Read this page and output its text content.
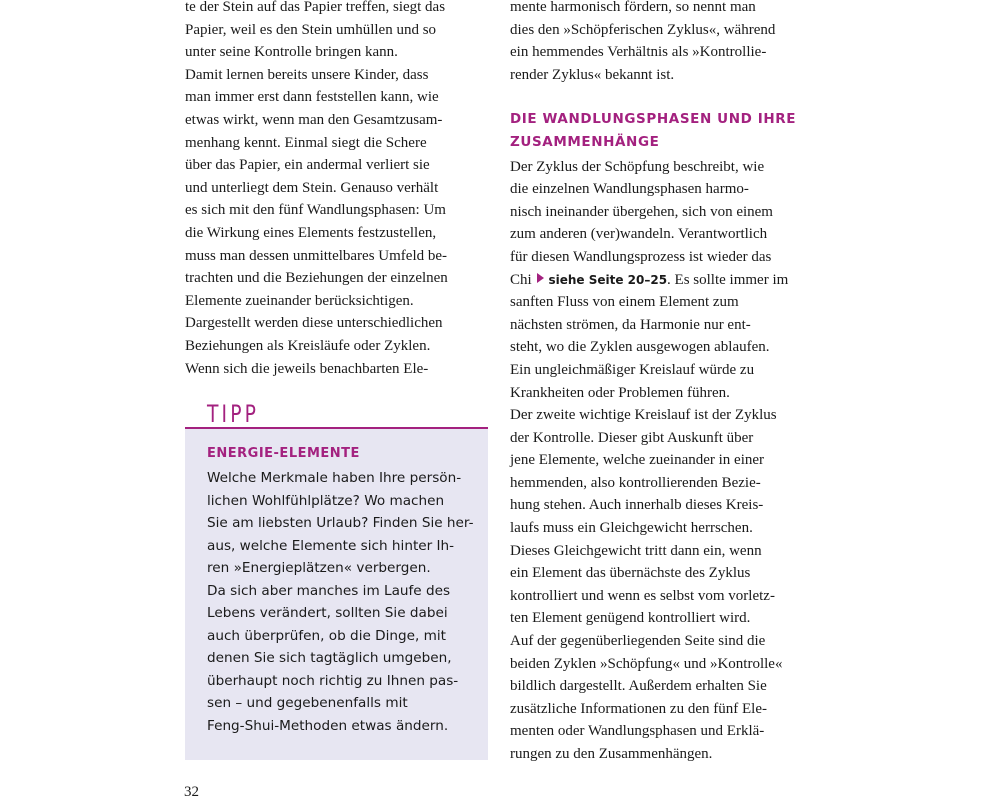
te der Stein auf das Papier treffen, siegt das
Papier, weil es den Stein umhüllen und so
unter seine Kontrolle bringen kann.
Damit lernen bereits unsere Kinder, dass
man immer erst dann feststellen kann, wie
etwas wirkt, wenn man den Gesamtzusam-
menhang kennt. Einmal siegt die Schere
über das Papier, ein andermal verliert sie
und unterliegt dem Stein. Genauso verhält
es sich mit den fünf Wandlungsphasen: Um
die Wirkung eines Elements festzustellen,
muss man dessen unmittelbares Umfeld be-
trachten und die Beziehungen der einzelnen
Elemente zueinander berücksichtigen.
Dargestellt werden diese unterschiedlichen
Beziehungen als Kreisläufe oder Zyklen.
Wenn sich die jeweils benachbarten Ele-
mente harmonisch fördern, so nennt man
dies den »Schöpferischen Zyklus«, während
ein hemmendes Verhältnis als »Kontrollie-
render Zyklus« bekannt ist.
DIE WANDLUNGSPHASEN UND IHRE
ZUSAMMENHÄNGE
Der Zyklus der Schöpfung beschreibt, wie
die einzelnen Wandlungsphasen harmo-
nisch ineinander übergehen, sich von einem
zum anderen (ver)wandeln. Verantwortlich
für diesen Wandlungsprozess ist wieder das
Chi siehe Seite 20–25. Es sollte immer im
sanften Fluss von einem Element zum
nächsten strömen, da Harmonie nur ent-
steht, wo die Zyklen ausgewogen ablaufen.
Ein ungleichmäßiger Kreislauf würde zu
Krankheiten oder Problemen führen.
Der zweite wichtige Kreislauf ist der Zyklus
der Kontrolle. Dieser gibt Auskunft über
jene Elemente, welche zueinander in einer
hemmenden, also kontrollierenden Bezie-
hung stehen. Auch innerhalb dieses Kreis-
laufs muss ein Gleichgewicht herrschen.
Dieses Gleichgewicht tritt dann ein, wenn
ein Element das übernächste des Zyklus
kontrolliert und wenn es selbst vom vorletz-
ten Element genügend kontrolliert wird.
Auf der gegenüberliegenden Seite sind die
beiden Zyklen »Schöpfung« und »Kontrolle«
bildlich dargestellt. Außerdem erhalten Sie
zusätzliche Informationen zu den fünf Ele-
menten oder Wandlungsphasen und Erklä-
rungen zu den Zusammenhängen.
TIPP
ENERGIE-ELEMENTE
Welche Merkmale haben Ihre persön-
lichen Wohlfühlplätze? Wo machen
Sie am liebsten Urlaub? Finden Sie her-
aus, welche Elemente sich hinter Ih-
ren »Energieplätzen« verbergen.
Da sich aber manches im Laufe des
Lebens verändert, sollten Sie dabei
auch überprüfen, ob die Dinge, mit
denen Sie sich tagtäglich umgeben,
überhaupt noch richtig zu Ihnen pas-
sen – und gegebenenfalls mit
Feng-Shui-Methoden etwas ändern.
32
